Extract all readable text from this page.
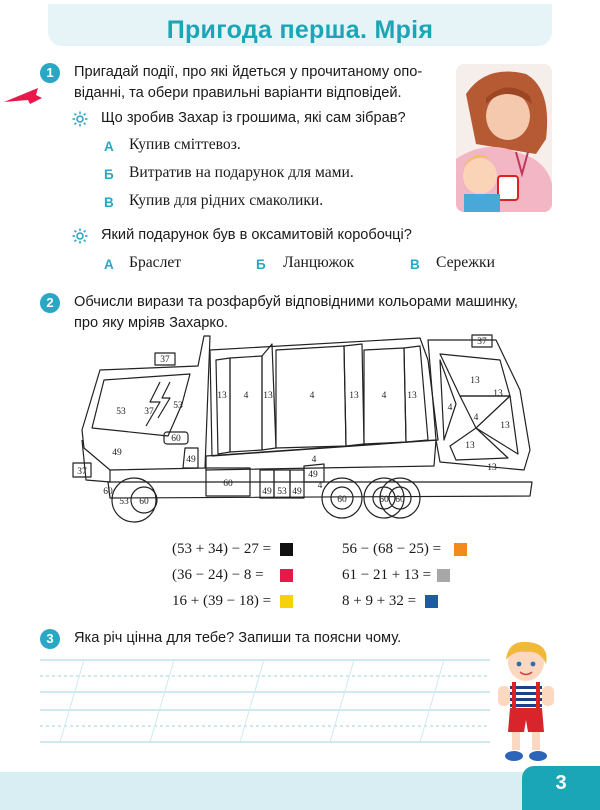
Пригода перша. Мрія
1	Пригадай події, про які йдеться у прочитаному опо-
віданні, та обери правильні варіанти відповідей.
Що зробив Захар із грошима, які сам зібрав?
А Купив сміттевоз.
Б Витратив на подарунок для мами.
В Купив для рідних смаколики.
Який подарунок був в оксамитовій коробочці?
А Браслет	Б Ланцюжок	В Сережки
2	Обчисли вирази та розфарбуй відповідними кольорами машинку,
про яку мріяв Захарко.
37
37
53 37
53
60
49
49
37
13 4 13	4	13 4 13
4
4
60
49 53 49
49
4
13
13
4
13
13
13
53 60	60	60 60
60
(53 + 34) − 27 =	56 − (68 − 25) =
(36 − 24) − 8 =	61 − 21 + 13 =
16 + (39 − 18) =	8 + 9 + 32 =
3	Яка річ цінна для тебе? Запиши та поясни чому.
3
